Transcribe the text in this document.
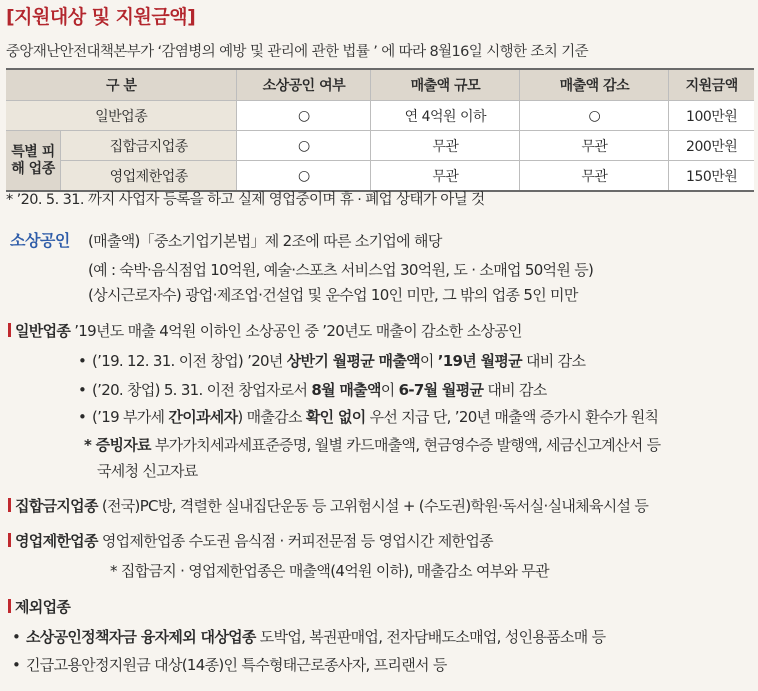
[지원대상 및 지원금액]
중앙재난안전대책본부가 ‘감염병의 예방 및 관리에 관한 법률 ’ 에 따라 8월16일 시행한 조치 기준
구 분		소상공인 여부	매출액 규모	매출액 감소	지원금액
일반업종		○	연 4억원 이하	○	100만원
특별 피해 업종	집합금지업종	○	무관	무관	200만원
	영업제한업종	○	무관	무관	150만원
* ’20. 5. 31. 까지 사업자 등록을 하고 실제 영업중이며 휴 · 폐업 상태가 아닐 것
소상공인 (매출액)「중소기업기본법」제 2조에 따른 소기업에 해당
(예 : 숙박·음식점업 10억원, 예술·스포츠 서비스업 30억원, 도 · 소매업 50억원 등)
(상시근로자수) 광업·제조업·건설업 및 운수업 10인 미만, 그 밖의 업종 5인 미만
일반업종 ’19년도 매출 4억원 이하인 소상공인 중 ’20년도 매출이 감소한 소상공인
• (’19. 12. 31. 이전 창업) ’20년 상반기 월평균 매출액이 ’19년 월평균 대비 감소
• (’20. 창업) 5. 31. 이전 창업자로서 8월 매출액이 6-7월 월평균 대비 감소
• (’19 부가세 간이과세자) 매출감소 확인 없이 우선 지급 단, ’20년 매출액 증가시 환수가 원칙
* 증빙자료 부가가치세과세표준증명, 월별 카드매출액, 현금영수증 발행액, 세금신고계산서 등
국세청 신고자료
집합금지업종 (전국)PC방, 격렬한 실내집단운동 등 고위험시설 + (수도권)학원·독서실·실내체육시설 등
영업제한업종 영업제한업종 수도권 음식점 · 커피전문점 등 영업시간 제한업종
* 집합금지 · 영업제한업종은 매출액(4억원 이하), 매출감소 여부와 무관
제외업종
• 소상공인정책자금 융자제외 대상업종 도박업, 복권판매업, 전자담배도소매업, 성인용품소매 등
• 긴급고용안정지원금 대상(14종)인 특수형태근로종사자, 프리랜서 등
